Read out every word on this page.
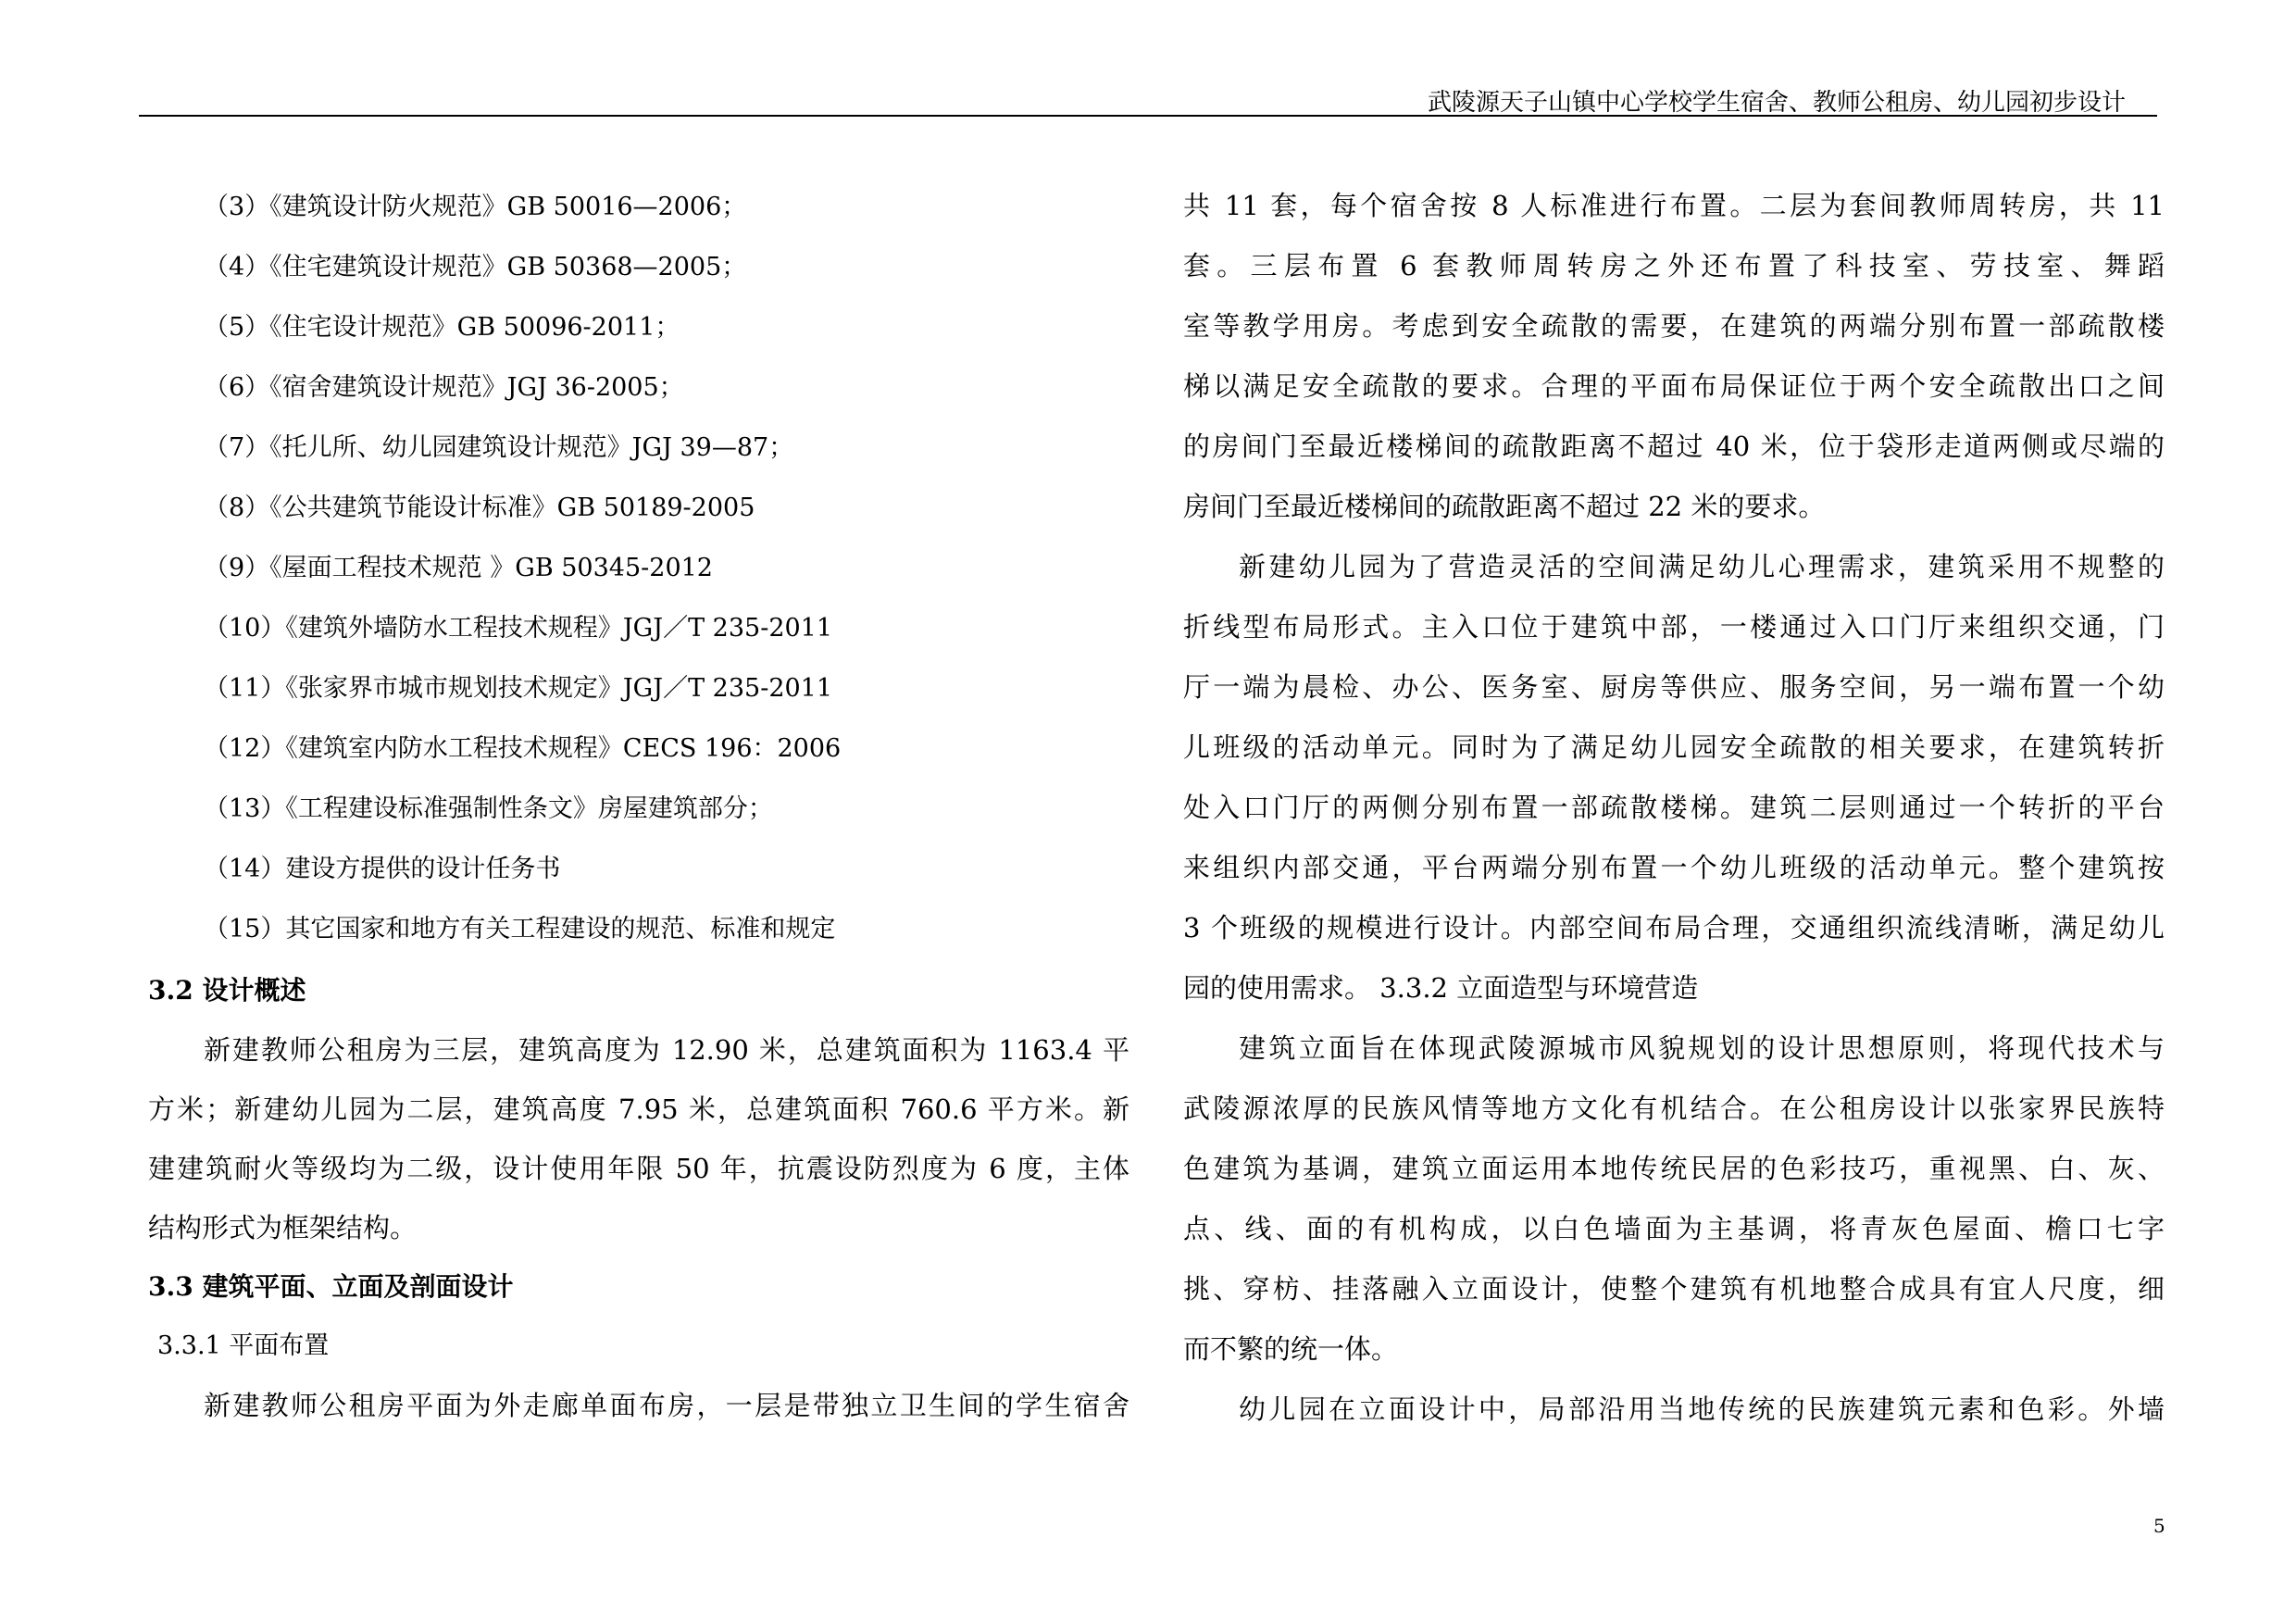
武陵源天子山镇中心学校学生宿舍、教师公租房、幼儿园初步设计
（3）《建筑设计防火规范》GB 50016—2006；
（4）《住宅建筑设计规范》GB 50368—2005；
（5）《住宅设计规范》GB 50096-2011；
（6）《宿舍建筑设计规范》JGJ 36-2005；
（7）《托儿所、幼儿园建筑设计规范》JGJ 39—87；
（8）《公共建筑节能设计标准》GB 50189-2005
（9）《屋面工程技术规范 》GB 50345-2012
（10）《建筑外墙防水工程技术规程》JGJ／T 235-2011
（11）《张家界市城市规划技术规定》JGJ／T 235-2011
（12）《建筑室内防水工程技术规程》CECS 196：2006
（13）《工程建设标准强制性条文》房屋建筑部分；
（14）建设方提供的设计任务书
（15）其它国家和地方有关工程建设的规范、标准和规定
3.2 设计概述
新建教师公租房为三层，建筑高度为 12.90 米，总建筑面积为 1163.4 平
方米；新建幼儿园为二层，建筑高度 7.95 米，总建筑面积 760.6 平方米。新
建建筑耐火等级均为二级，设计使用年限 50 年，抗震设防烈度为 6 度，主体
结构形式为框架结构。
3.3 建筑平面、立面及剖面设计
3.3.1 平面布置
新建教师公租房平面为外走廊单面布房，一层是带独立卫生间的学生宿舍
共 11 套，每个宿舍按 8 人标准进行布置。二层为套间教师周转房，共 11
套。三层布置 6 套教师周转房之外还布置了科技室、劳技室、舞蹈
室等教学用房。考虑到安全疏散的需要，在建筑的两端分别布置一部疏散楼
梯以满足安全疏散的要求。合理的平面布局保证位于两个安全疏散出口之间
的房间门至最近楼梯间的疏散距离不超过 40 米，位于袋形走道两侧或尽端的
房间门至最近楼梯间的疏散距离不超过 22 米的要求。
新建幼儿园为了营造灵活的空间满足幼儿心理需求，建筑采用不规整的
折线型布局形式。主入口位于建筑中部，一楼通过入口门厅来组织交通，门
厅一端为晨检、办公、医务室、厨房等供应、服务空间，另一端布置一个幼
儿班级的活动单元。同时为了满足幼儿园安全疏散的相关要求，在建筑转折
处入口门厅的两侧分别布置一部疏散楼梯。建筑二层则通过一个转折的平台
来组织内部交通，平台两端分别布置一个幼儿班级的活动单元。整个建筑按
3 个班级的规模进行设计。内部空间布局合理，交通组织流线清晰，满足幼儿
园的使用需求。 3.3.2 立面造型与环境营造
建筑立面旨在体现武陵源城市风貌规划的设计思想原则，将现代技术与
武陵源浓厚的民族风情等地方文化有机结合。在公租房设计以张家界民族特
色建筑为基调，建筑立面运用本地传统民居的色彩技巧，重视黑、白、灰、
点、线、面的有机构成，以白色墙面为主基调，将青灰色屋面、檐口七字
挑、穿枋、挂落融入立面设计，使整个建筑有机地整合成具有宜人尺度，细
而不繁的统一体。
幼儿园在立面设计中，局部沿用当地传统的民族建筑元素和色彩。外墙
5
